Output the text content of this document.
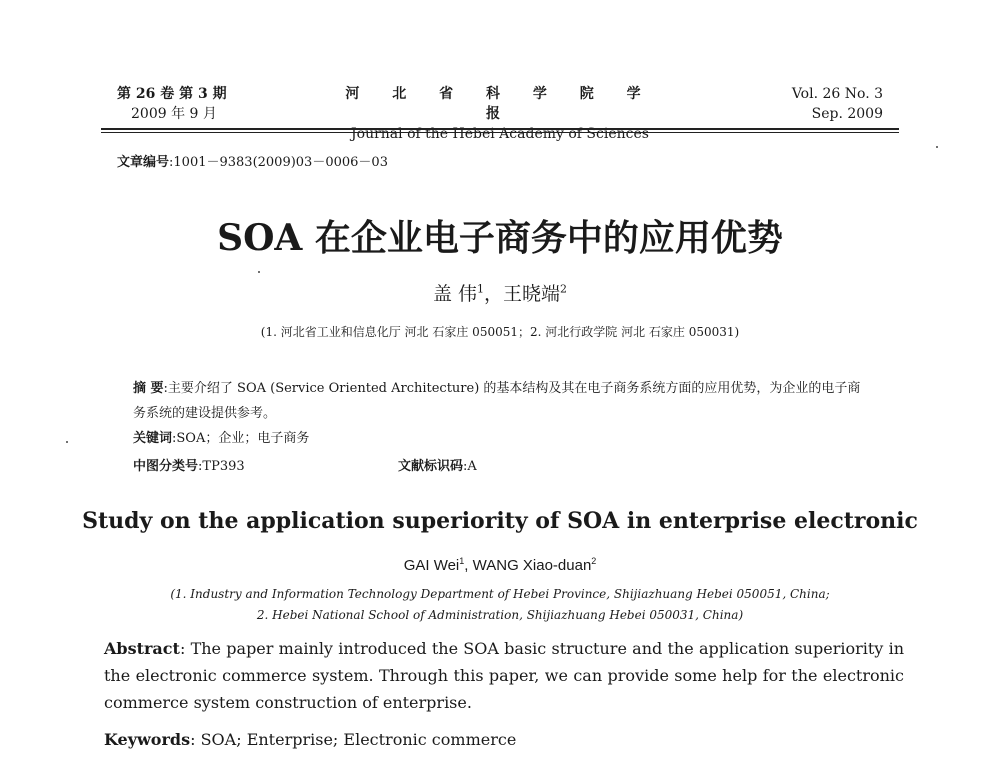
第 26 卷 第 3 期
2009 年 9 月
河 北 省 科 学 院 学 报
Journal of the Hebei Academy of Sciences
Vol. 26 No. 3
Sep. 2009
文章编号:1001－9383(2009)03－0006－03
SOA 在企业电子商务中的应用优势
盖 伟$^1$，王晓端$^2$
(1. 河北省工业和信息化厅 河北 石家庄 050051；2. 河北行政学院 河北 石家庄 050031)
摘 要:主要介绍了 SOA (Service Oriented Architecture) 的基本结构及其在电子商务系统方面的应用优势，为企业的电子商务系统的建设提供参考。
关键词:SOA；企业；电子商务
中图分类号:TP393	文献标识码:A
Study on the application superiority of SOA in enterprise electronic
GAI Wei$^1$, WANG Xiao-duan$^2$
(1. Industry and Information Technology Department of Hebei Province, Shijiazhuang Hebei 050051, China;
2. Hebei National School of Administration, Shijiazhuang Hebei 050031, China)
Abstract: The paper mainly introduced the SOA basic structure and the application superiority in the electronic commerce system. Through this paper, we can provide some help for the electronic commerce system construction of enterprise.
Keywords: SOA; Enterprise; Electronic commerce
